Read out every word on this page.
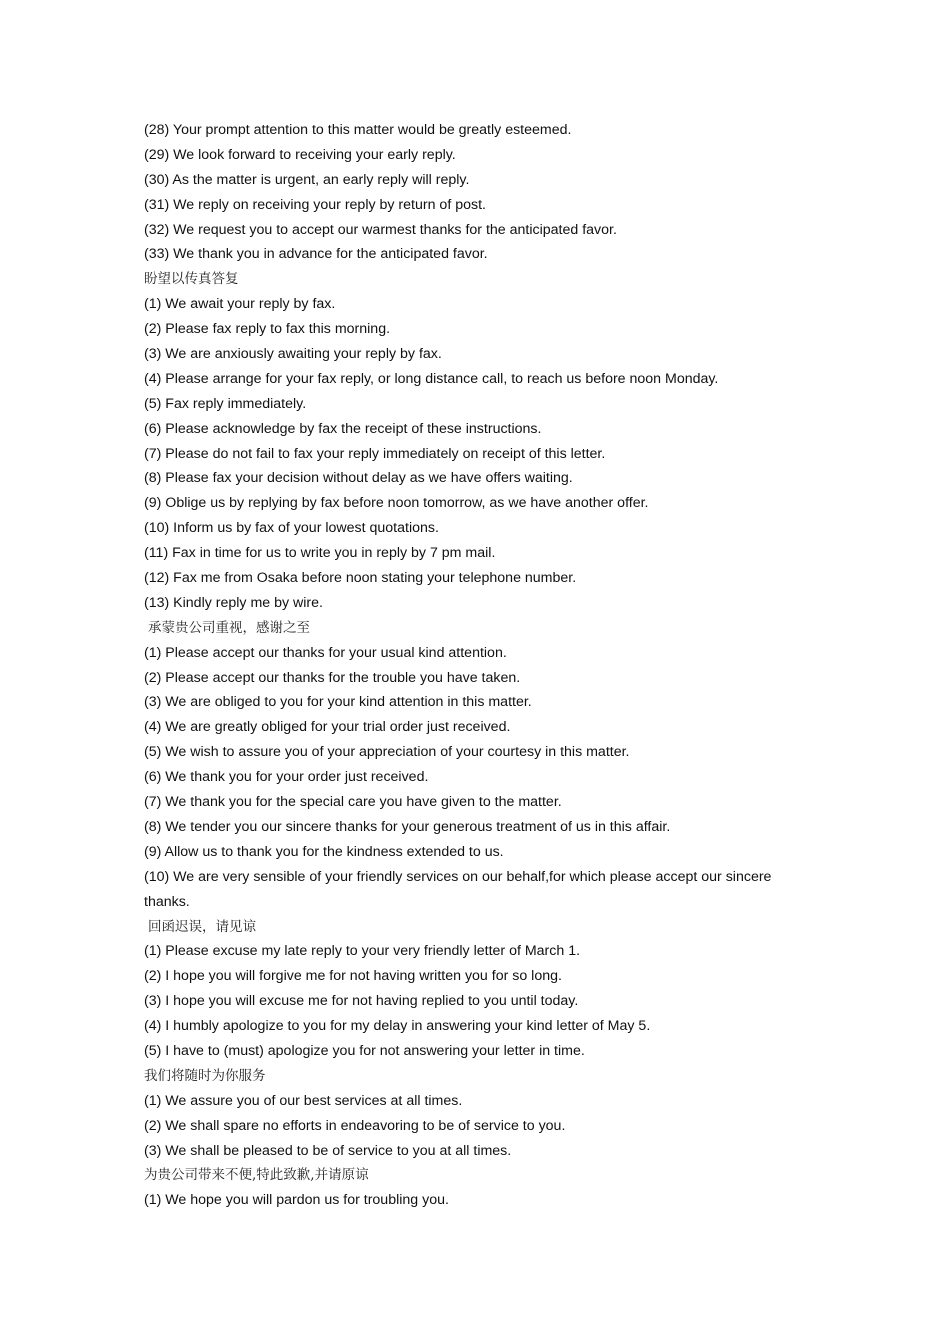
(28) Your prompt attention to this matter would be greatly esteemed.

(29) We look forward to receiving your early reply.

(30) As the matter is urgent, an early reply will reply.

(31) We reply on receiving your reply by return of post.

(32) We request you to accept our warmest thanks for the anticipated favor.

(33) We thank you in advance for the anticipated favor.

盼望以传真答复

(1) We await your reply by fax.

(2) Please fax reply to fax this morning.

(3) We are anxiously awaiting your reply by fax.

(4) Please arrange for your fax reply, or long distance call, to reach us before noon Monday.

(5) Fax reply immediately.

(6) Please acknowledge by fax the receipt of these instructions.

(7) Please do not fail to fax your reply immediately on receipt of this letter.

(8) Please fax your decision without delay as we have offers waiting.

(9) Oblige us by replying by fax before noon tomorrow, as we have another offer.

(10) Inform us by fax of your lowest quotations.

(11) Fax in time for us to write you in reply by 7 pm mail.

(12) Fax me from Osaka before noon stating your telephone number.

(13) Kindly reply me by wire.

承蒙贵公司重视，感谢之至

(1) Please accept our thanks for your usual kind attention.

(2) Please accept our thanks for the trouble you have taken.

(3) We are obliged to you for your kind attention in this matter.

(4) We are greatly obliged for your trial order just received.

(5) We wish to assure you of your appreciation of your courtesy in this matter.

(6) We thank you for your order just received.

(7) We thank you for the special care you have given to the matter.

(8) We tender you our sincere thanks for your generous treatment of us in this affair.

(9) Allow us to thank you for the kindness extended to us.

(10) We are very sensible of your friendly services on our behalf,for which please accept our sincere thanks.

回函迟误，请见谅

(1) Please excuse my late reply to your very friendly letter of March 1.

(2) I hope you will forgive me for not having written you for so long.

(3) I hope you will excuse me for not having replied to you until today.

(4) I humbly apologize to you for my delay in answering your kind letter of May 5.

(5) I have to (must) apologize you for not answering your letter in time.

我们将随时为你服务

(1) We assure you of our best services at all times.

(2) We shall spare no efforts in endeavoring to be of service to you.

(3) We shall be pleased to be of service to you at all times.

为贵公司带来不便,特此致歉,并请原谅

(1) We hope you will pardon us for troubling you.
